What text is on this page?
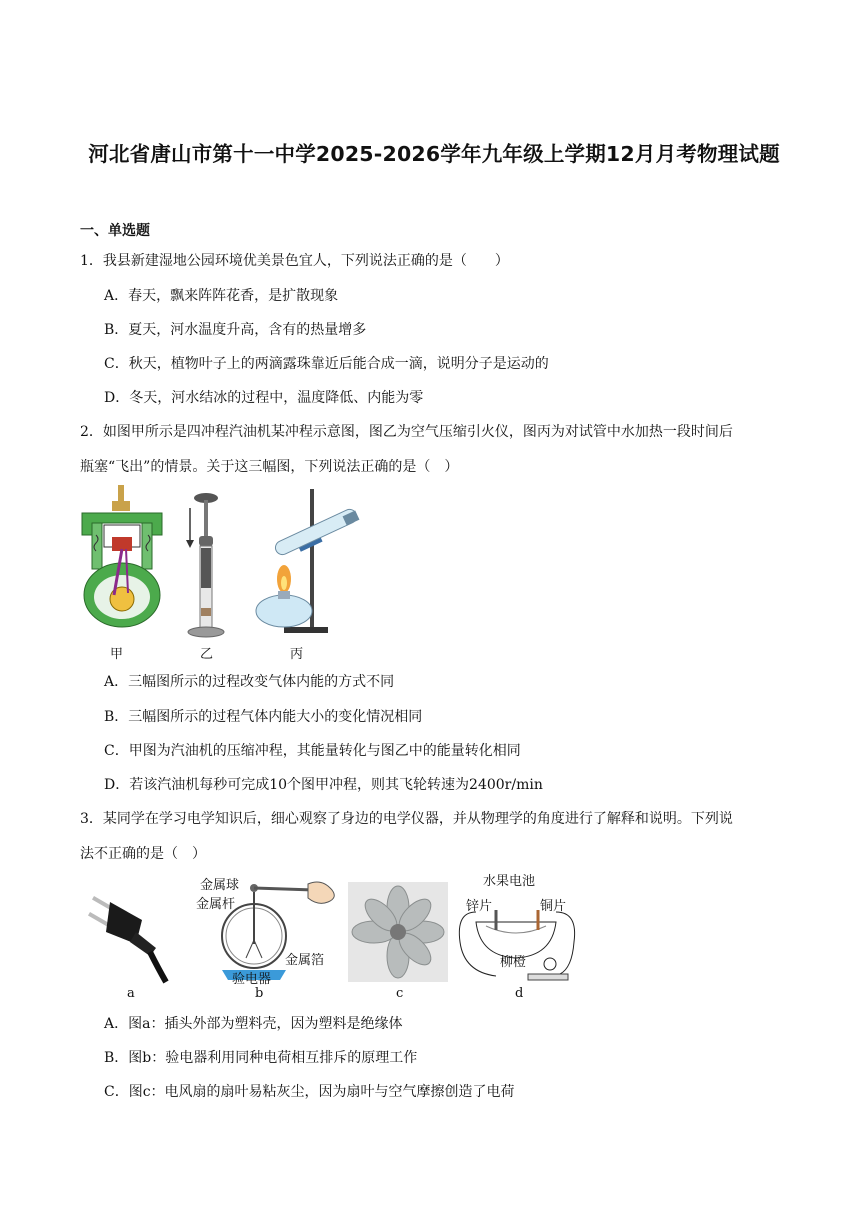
河北省唐山市第十一中学2025-2026学年九年级上学期12月月考物理试题
一、单选题
1．我县新建湿地公园环境优美景色宜人，下列说法正确的是（　　）
A．春天，飘来阵阵花香，是扩散现象
B．夏天，河水温度升高，含有的热量增多
C．秋天，植物叶子上的两滴露珠靠近后能合成一滴，说明分子是运动的
D．冬天，河水结冰的过程中，温度降低、内能为零
2．如图甲所示是四冲程汽油机某冲程示意图，图乙为空气压缩引火仪，图丙为对试管中水加热一段时间后
瓶塞“飞出”的情景。关于这三幅图，下列说法正确的是（　）
甲	乙	丙
A．三幅图所示的过程改变气体内能的方式不同
B．三幅图所示的过程气体内能大小的变化情况相同
C．甲图为汽油机的压缩冲程，其能量转化与图乙中的能量转化相同
D．若该汽油机每秒可完成10个图甲冲程，则其飞轮转速为2400r/min
3．某同学在学习电学知识后，细心观察了身边的电学仪器，并从物理学的角度进行了解释和说明。下列说
法不正确的是（　）
a
金属球
金属杆
金属箔
验电器
b	c
水果电池
锌片	铜片
柳橙
d
A．图a：插头外部为塑料壳，因为塑料是绝缘体
B．图b：验电器利用同种电荷相互排斥的原理工作
C．图c：电风扇的扇叶易粘灰尘，因为扇叶与空气摩擦创造了电荷
